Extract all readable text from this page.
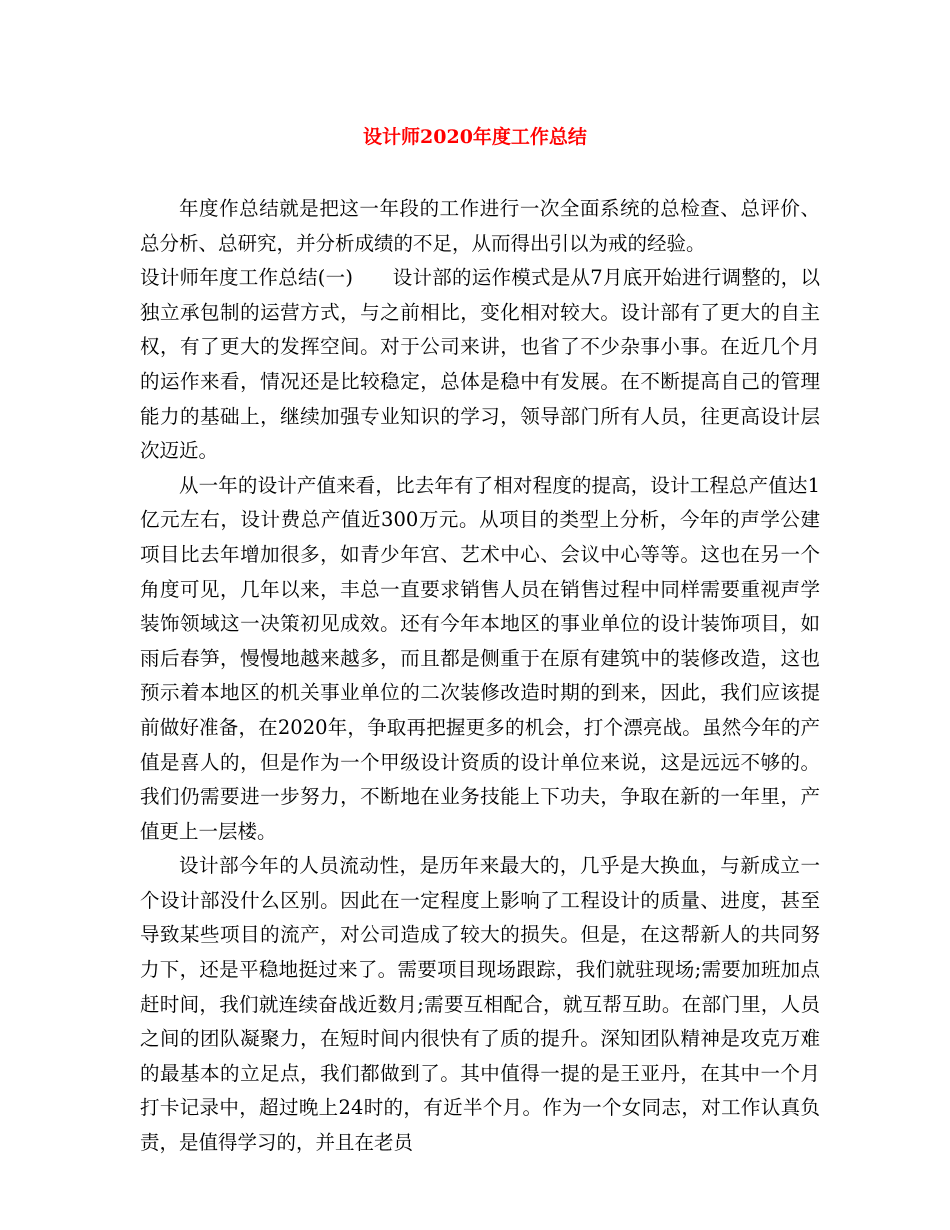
设计师2020年度工作总结

年度作总结就是把这一年段的工作进行一次全面系统的总检查、总评价、总分析、总研究，并分析成绩的不足，从而得出引以为戒的经验。

设计师年度工作总结(一)　　设计部的运作模式是从7月底开始进行调整的，以独立承包制的运营方式，与之前相比，变化相对较大。设计部有了更大的自主权，有了更大的发挥空间。对于公司来讲，也省了不少杂事小事。在近几个月的运作来看，情况还是比较稳定，总体是稳中有发展。在不断提高自己的管理能力的基础上，继续加强专业知识的学习，领导部门所有人员，往更高设计层次迈近。

从一年的设计产值来看，比去年有了相对程度的提高，设计工程总产值达1亿元左右，设计费总产值近300万元。从项目的类型上分析，今年的声学公建项目比去年增加很多，如青少年宫、艺术中心、会议中心等等。这也在另一个角度可见，几年以来，丰总一直要求销售人员在销售过程中同样需要重视声学装饰领域这一决策初见成效。还有今年本地区的事业单位的设计装饰项目，如雨后春笋，慢慢地越来越多，而且都是侧重于在原有建筑中的装修改造，这也预示着本地区的机关事业单位的二次装修改造时期的到来，因此，我们应该提前做好准备，在2020年，争取再把握更多的机会，打个漂亮战。虽然今年的产值是喜人的，但是作为一个甲级设计资质的设计单位来说，这是远远不够的。我们仍需要进一步努力，不断地在业务技能上下功夫，争取在新的一年里，产值更上一层楼。

设计部今年的人员流动性，是历年来最大的，几乎是大换血，与新成立一个设计部没什么区别。因此在一定程度上影响了工程设计的质量、进度，甚至导致某些项目的流产，对公司造成了较大的损失。但是，在这帮新人的共同努力下，还是平稳地挺过来了。需要项目现场跟踪，我们就驻现场;需要加班加点赶时间，我们就连续奋战近数月;需要互相配合，就互帮互助。在部门里，人员之间的团队凝聚力，在短时间内很快有了质的提升。深知团队精神是攻克万难的最基本的立足点，我们都做到了。其中值得一提的是王亚丹，在其中一个月打卡记录中，超过晚上24时的，有近半个月。作为一个女同志，对工作认真负责，是值得学习的，并且在老员
